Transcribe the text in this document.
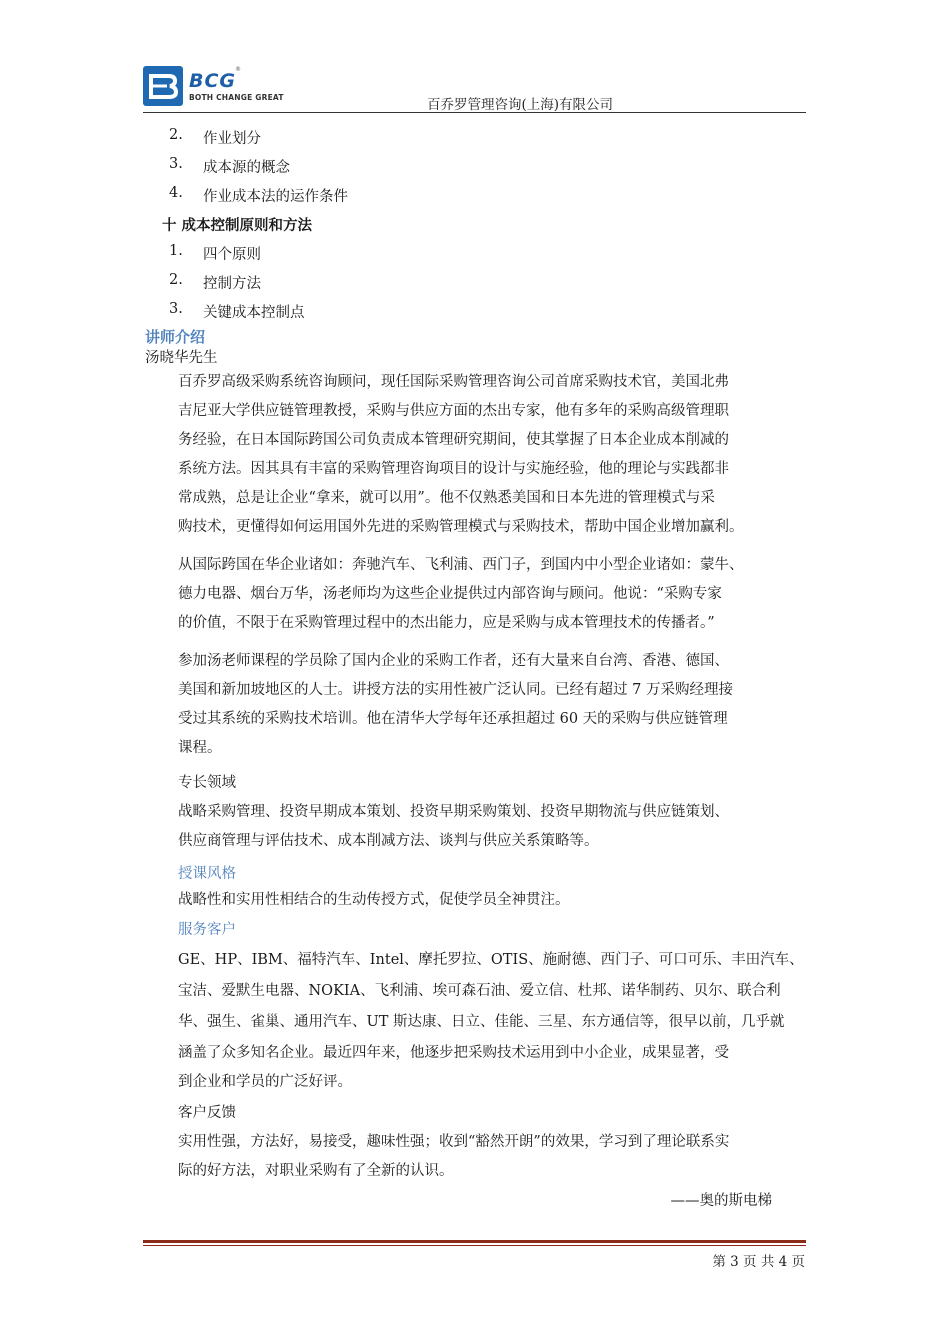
BCG
®
BOTH CHANGE GREAT	百乔罗管理咨询(上海)有限公司
2. 作业划分
3. 成本源的概念
4. 作业成本法的运作条件
十 成本控制原则和方法
1. 四个原则
2. 控制方法
3. 关键成本控制点
讲师介绍
汤晓华先生
百乔罗高级采购系统咨询顾问，现任国际采购管理咨询公司首席采购技术官，美国北弗
吉尼亚大学供应链管理教授，采购与供应方面的杰出专家，他有多年的采购高级管理职
务经验，在日本国际跨国公司负责成本管理研究期间，使其掌握了日本企业成本削减的
系统方法。因其具有丰富的采购管理咨询项目的设计与实施经验，他的理论与实践都非
常成熟，总是让企业“拿来，就可以用”。他不仅熟悉美国和日本先进的管理模式与采
购技术，更懂得如何运用国外先进的采购管理模式与采购技术，帮助中国企业增加赢利。
从国际跨国在华企业诸如：奔驰汽车、飞利浦、西门子，到国内中小型企业诸如：蒙牛、
德力电器、烟台万华，汤老师均为这些企业提供过内部咨询与顾问。他说：“采购专家
的价值，不限于在采购管理过程中的杰出能力，应是采购与成本管理技术的传播者。”
参加汤老师课程的学员除了国内企业的采购工作者，还有大量来自台湾、香港、德国、
美国和新加坡地区的人士。讲授方法的实用性被广泛认同。已经有超过 7 万采购经理接
受过其系统的采购技术培训。他在清华大学每年还承担超过 60 天的采购与供应链管理
课程。
专长领域
战略采购管理、投资早期成本策划、投资早期采购策划、投资早期物流与供应链策划、
供应商管理与评估技术、成本削减方法、谈判与供应关系策略等。
授课风格
战略性和实用性相结合的生动传授方式，促使学员全神贯注。
服务客户
GE、HP、IBM、福特汽车、Intel、摩托罗拉、OTIS、施耐德、西门子、可口可乐、丰田汽车、
宝洁、爱默生电器、NOKIA、飞利浦、埃可森石油、爱立信、杜邦、诺华制药、贝尔、联合利
华、强生、雀巢、通用汽车、UT 斯达康、日立、佳能、三星、东方通信等，很早以前，几乎就
涵盖了众多知名企业。最近四年来，他逐步把采购技术运用到中小企业，成果显著，受
到企业和学员的广泛好评。
客户反馈
实用性强，方法好，易接受，趣味性强；收到“豁然开朗”的效果，学习到了理论联系实
际的好方法，对职业采购有了全新的认识。
——奥的斯电梯
第 3 页 共 4 页
